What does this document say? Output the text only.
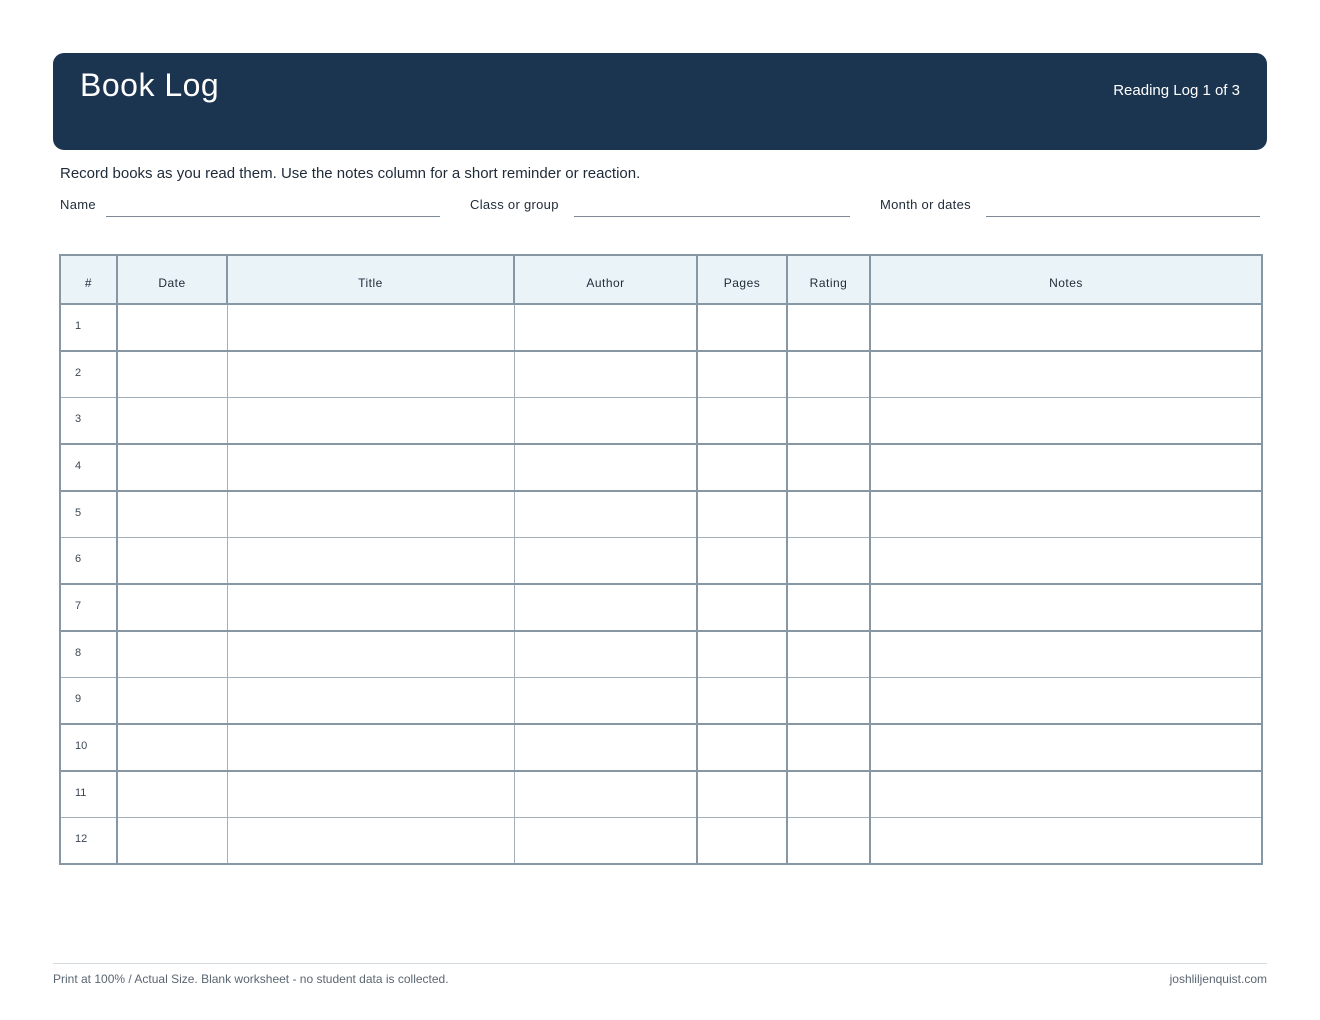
Book Log	Reading Log 1 of 3
Record books as you read them. Use the notes column for a short reminder or reaction.
Name	Class or group	Month or dates
#	Date	Title	Author	Pages	Rating	Notes
1						
2						
3						
4						
5						
6						
7						
8						
9						
10						
11						
12						
Print at 100% / Actual Size. Blank worksheet - no student data is collected.	joshliljenquist.com
